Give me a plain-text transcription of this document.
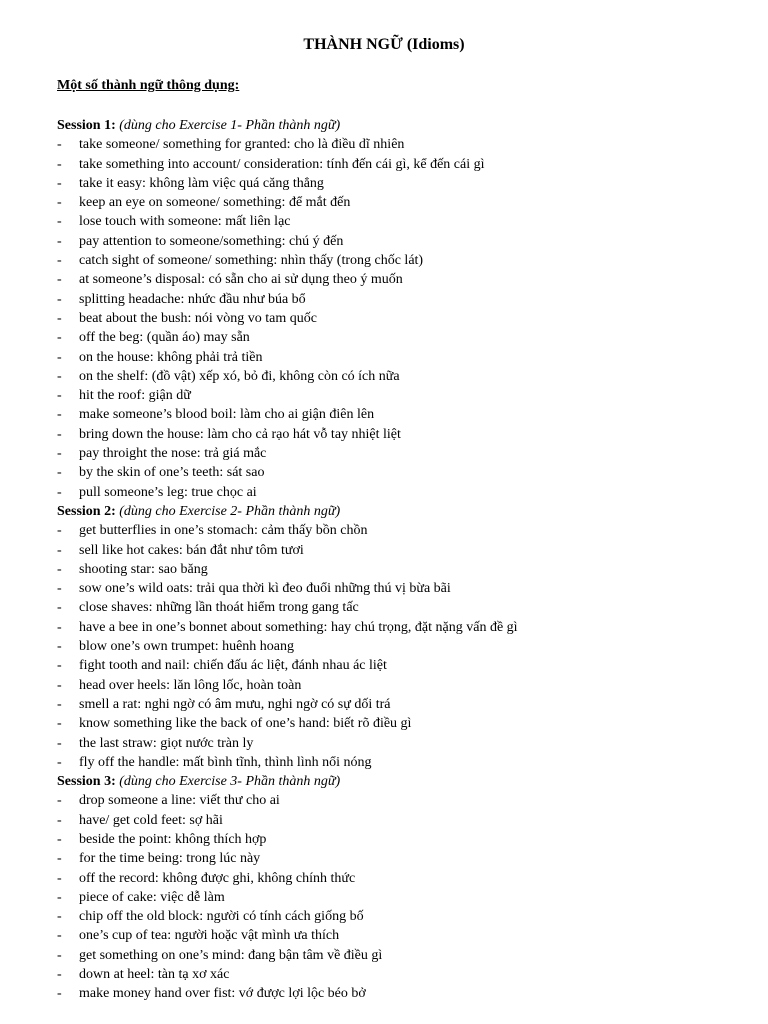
THÀNH NGỮ (Idioms)
Một số thành ngữ thông dụng:
Session 1: (dùng cho Exercise 1- Phần thành ngữ)
- take someone/ something for granted: cho là điều dĩ nhiên
- take something into account/ consideration: tính đến cái gì, kể đến cái gì
- take it easy: không làm việc quá căng thẳng
- keep an eye on someone/ something: để mắt đến
- lose touch with someone: mất liên lạc
- pay attention to someone/something: chú ý đến
- catch sight of someone/ something: nhìn thấy (trong chốc lát)
- at someone’s disposal: có sẵn cho ai sử dụng theo ý muốn
- splitting headache: nhức đầu như búa bổ
- beat about the bush: nói vòng vo tam quốc
- off the beg: (quần áo) may sẵn
- on the house: không phải trả tiền
- on the shelf: (đồ vật) xếp xó, bỏ đi, không còn có ích nữa
- hit the roof: giận dữ
- make someone’s blood boil: làm cho ai giận điên lên
- bring down the house: làm cho cả rạo hát vỗ tay nhiệt liệt
- pay throight the nose: trả giá mắc
- by the skin of one’s teeth: sát sao
- pull someone’s leg: true chọc ai
Session 2: (dùng cho Exercise 2- Phần thành ngữ)
- get butterflies in one’s stomach: cảm thấy bồn chồn
- sell like hot cakes: bán đắt như tôm tươi
- shooting star: sao băng
- sow one’s wild oats: trải qua thời kì đeo đuổi những thú vị bừa bãi
- close shaves: những lần thoát hiểm trong gang tấc
- have a bee in one’s bonnet about something: hay chú trọng, đặt nặng vấn đề gì
- blow one’s own trumpet: huênh hoang
- fight tooth and nail: chiến đấu ác liệt, đánh nhau ác liệt
- head over heels: lăn lông lốc, hoàn toàn
- smell a rat: nghi ngờ có âm mưu, nghi ngờ có sự dối trá
- know something like the back of one’s hand: biết rõ điều gì
- the last straw: giọt nước tràn ly
- fly off the handle: mất bình tĩnh, thình lình nổi nóng
Session 3: (dùng cho Exercise 3- Phần thành ngữ)
- drop someone a line: viết thư cho ai
- have/ get cold feet: sợ hãi
- beside the point: không thích hợp
- for the time being: trong lúc này
- off the record: không được ghi, không chính thức
- piece of cake: việc dễ làm
- chip off the old block: người có tính cách giống bố
- one’s cup of tea: người hoặc vật mình ưa thích
- get something on one’s mind: đang bận tâm về điều gì
- down at heel: tàn tạ xơ xác
- make money hand over fist: vớ được lợi lộc béo bở
